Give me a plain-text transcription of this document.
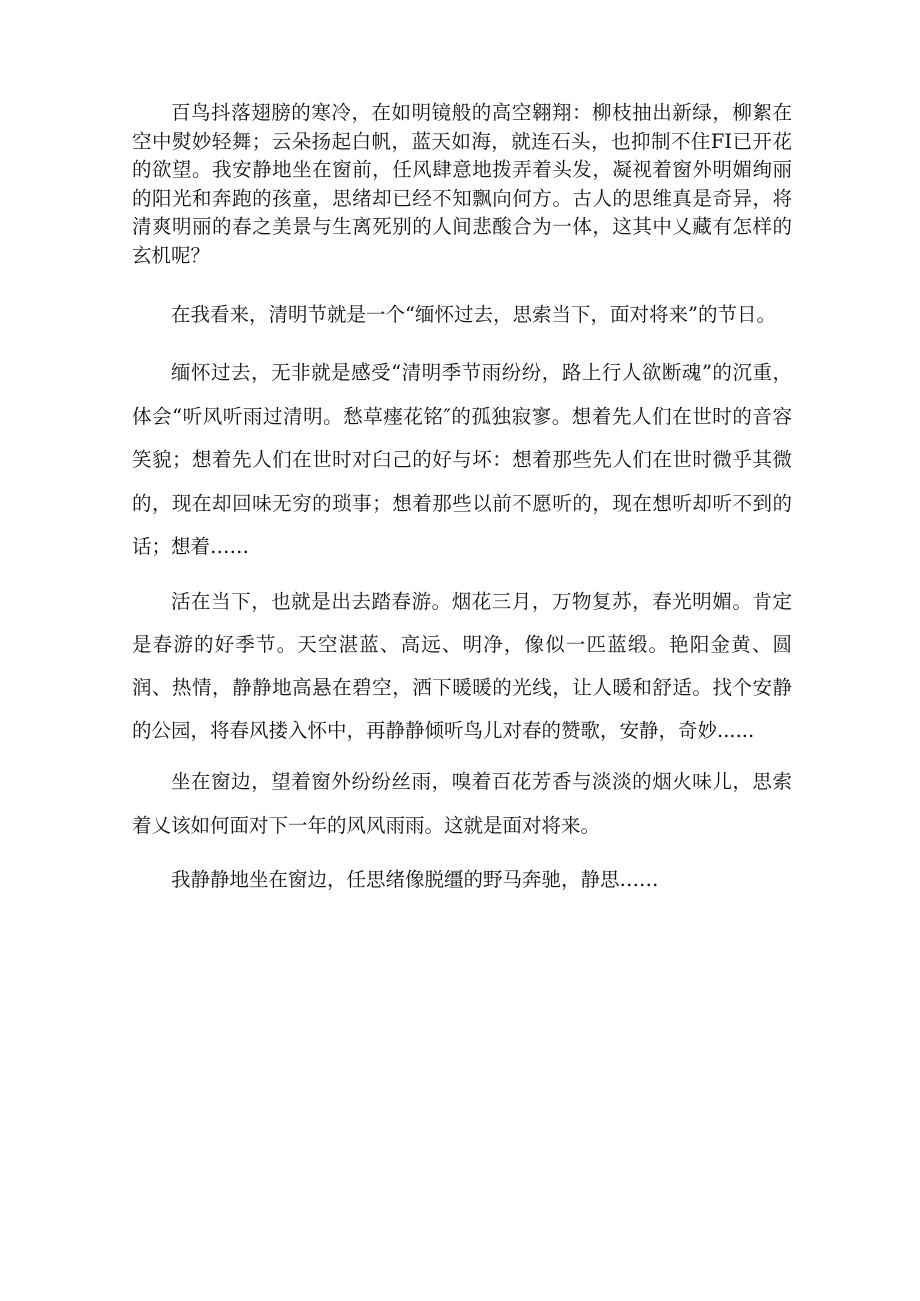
百鸟抖落翅膀的寒冷，在如明镜般的高空翱翔：柳枝抽出新绿，柳絮在空中熨妙轻舞；云朵扬起白帆，蓝天如海，就连石头，也抑制不住FI已开花的欲望。我安静地坐在窗前，任风肆意地拨弄着头发，凝视着窗外明媚绚丽的阳光和奔跑的孩童，思绪却已经不知飘向何方。古人的思维真是奇异，将清爽明丽的春之美景与生离死别的人间悲酸合为一体，这其中乂藏有怎样的玄机呢？

在我看来，清明节就是一个“缅怀过去，思索当下，面对将来”的节日。

缅怀过去，无非就是感受“清明季节雨纷纷，路上行人欲断魂”的沉重，体会“听风听雨过清明。愁草瘗花铭″的孤独寂寥。想着先人们在世时的音容笑貌；想着先人们在世时对臼己的好与坏：想着那些先人们在世时微乎其微的，现在却回味无穷的琐事；想着那些以前不愿听的，现在想听却听不到的话；想着……

活在当下，也就是出去踏春游。烟花三月，万物复苏，春光明媚。肯定是春游的好季节。天空湛蓝、高远、明净，像似一匹蓝缎。艳阳金黄、圆润、热情，静静地高悬在碧空，洒下暖暖的光线，让人暖和舒适。找个安静的公园，将春风搂入怀中，再静静倾听鸟儿对春的赞歌，安静，奇妙......

坐在窗边，望着窗外纷纷丝雨，嗅着百花芳香与淡淡的烟火味儿，思索着乂该如何面对下一年的风风雨雨。这就是面对将来。

我静静地坐在窗边，任思绪像脱缰的野马奔驰，静思……
